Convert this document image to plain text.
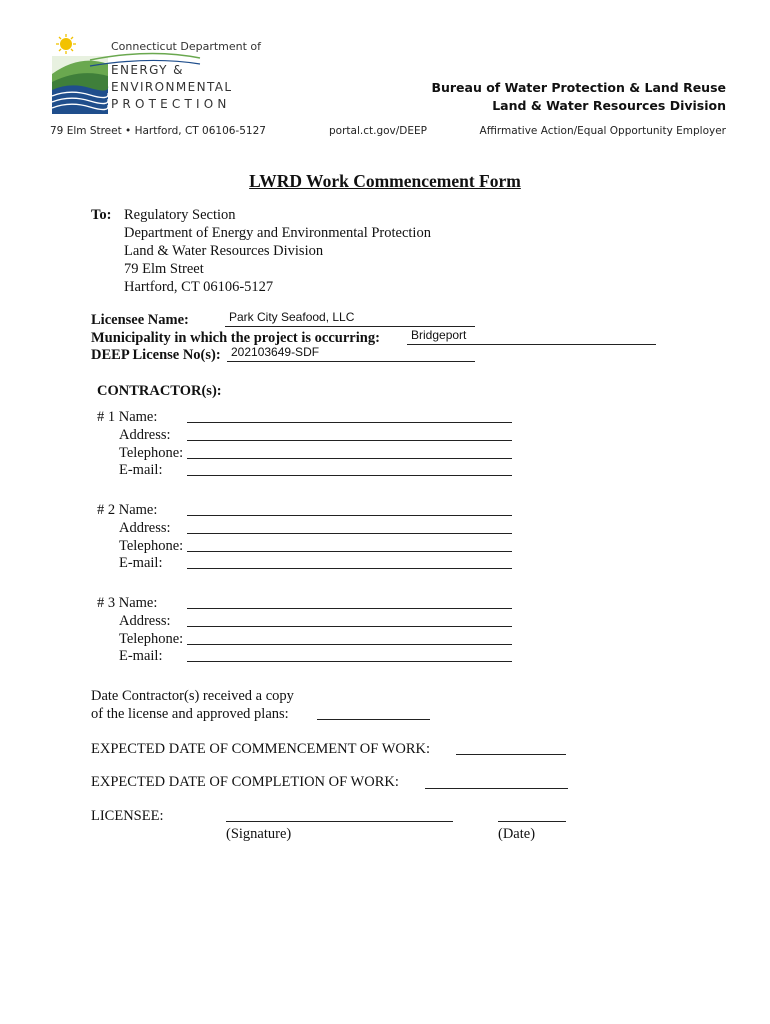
Connecticut Department of
ENERGY &
ENVIRONMENTAL
PROTECTION
Bureau of Water Protection & Land Reuse
Land & Water Resources Division
79 Elm Street • Hartford, CT 06106-5127	portal.ct.gov/DEEP	Affirmative Action/Equal Opportunity Employer
LWRD Work Commencement Form
To: Regulatory Section
Department of Energy and Environmental Protection
Land & Water Resources Division
79 Elm Street
Hartford, CT 06106-5127
Licensee Name:	Park City Seafood, LLC
Municipality in which the project is occurring:	Bridgeport
DEEP License No(s): 202103649-SDF
CONTRACTOR(s):
# 1 Name:
Address:
Telephone:
E-mail:
# 2 Name:
Address:
Telephone:
E-mail:
# 3 Name:
Address:
Telephone:
E-mail:
Date Contractor(s) received a copy
of the license and approved plans:
EXPECTED DATE OF COMMENCEMENT OF WORK:
EXPECTED DATE OF COMPLETION OF WORK:
LICENSEE:
(Signature)	(Date)
